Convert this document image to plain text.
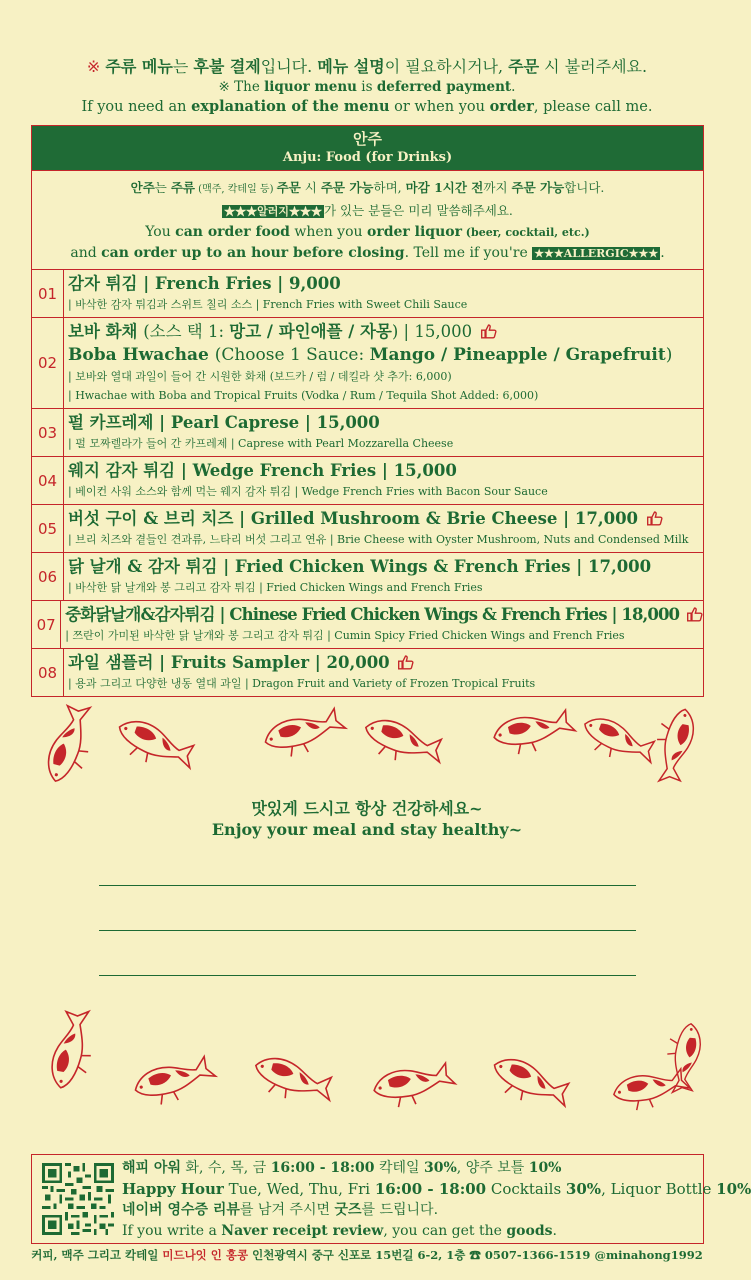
※ 주류 메뉴는 후불 결제입니다. 메뉴 설명이 필요하시거나, 주문 시 불러주세요.
※ The liquor menu is deferred payment.
If you need an explanation of the menu or when you order, please call me.
안주
Anju: Food (for Drinks)
안주는 주류 (맥주, 칵테일 등) 주문 시 주문 가능하며, 마감 1시간 전까지 주문 가능합니다.
★★★알러지★★★ 가 있는 분들은 미리 말씀해주세요.
You can order food when you order liquor (beer, cocktail, etc.)
and can order up to an hour before closing. Tell me if you're ★★★ALLERGIC★★★ .
01
감자 튀김 | French Fries | 9,000
| 바삭한 감자 튀김과 스위트 칠리 소스 | French Fries with Sweet Chili Sauce
02
보바 화채 (소스 택 1: 망고 / 파인애플 / 자몽) | 15,000
Boba Hwachae (Choose 1 Sauce: Mango / Pineapple / Grapefruit)
| 보바와 열대 과일이 들어 간 시원한 화채 (보드카 / 럼 / 데킬라 샷 추가: 6,000)
| Hwachae with Boba and Tropical Fruits (Vodka / Rum / Tequila Shot Added: 6,000)
03
펄 카프레제 | Pearl Caprese | 15,000
| 펄 모짜렐라가 들어 간 카프레제 | Caprese with Pearl Mozzarella Cheese
04
웨지 감자 튀김 | Wedge French Fries | 15,000
| 베이컨 사워 소스와 함께 먹는 웨지 감자 튀김 | Wedge French Fries with Bacon Sour Sauce
05
버섯 구이 & 브리 치즈 | Grilled Mushroom & Brie Cheese | 17,000
| 브리 치즈와 곁들인 견과류, 느타리 버섯 그리고 연유 | Brie Cheese with Oyster Mushroom, Nuts and Condensed Milk
06
닭 날개 & 감자 튀김 | Fried Chicken Wings & French Fries | 17,000
| 바삭한 닭 날개와 봉 그리고 감자 튀김 | Fried Chicken Wings and French Fries
07
중화닭날개&감자튀김 | Chinese Fried Chicken Wings & French Fries | 18,000
| 쯔란이 가미된 바삭한 닭 날개와 봉 그리고 감자 튀김 | Cumin Spicy Fried Chicken Wings and French Fries
08
과일 샘플러 | Fruits Sampler | 20,000
| 용과 그리고 다양한 냉동 열대 과일 | Dragon Fruit and Variety of Frozen Tropical Fruits
맛있게 드시고 항상 건강하세요~
Enjoy your meal and stay healthy~
해피 아워 화, 수, 목, 금 16:00 - 18:00 칵테일 30%, 양주 보틀 10%
Happy Hour Tue, Wed, Thu, Fri 16:00 - 18:00 Cocktails 30%, Liquor Bottle 10%
네이버 영수증 리뷰를 남겨 주시면 굿즈를 드립니다.
If you write a Naver receipt review, you can get the goods.
커피, 맥주 그리고 칵테일 미드나잇 인 홍콩 인천광역시 중구 신포로 15번길 6-2, 1층 ☎ 0507-1366-1519 @minahong1992
